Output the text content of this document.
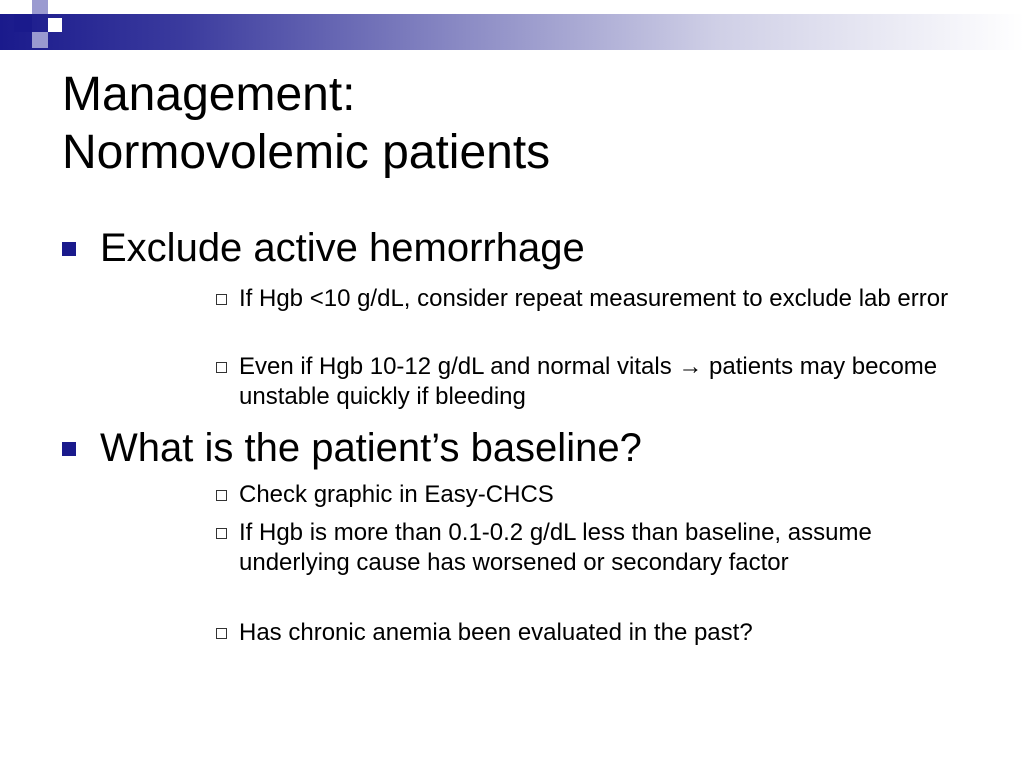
Management:
Normovolemic patients
Exclude active hemorrhage
If Hgb <10 g/dL, consider repeat measurement to exclude lab error
Even if Hgb 10-12 g/dL and normal vitals → patients may become unstable quickly if bleeding
What is the patient’s baseline?
Check graphic in Easy-CHCS
If Hgb is more than 0.1-0.2 g/dL less than baseline, assume underlying cause has worsened or secondary factor
Has chronic anemia been evaluated in the past?
